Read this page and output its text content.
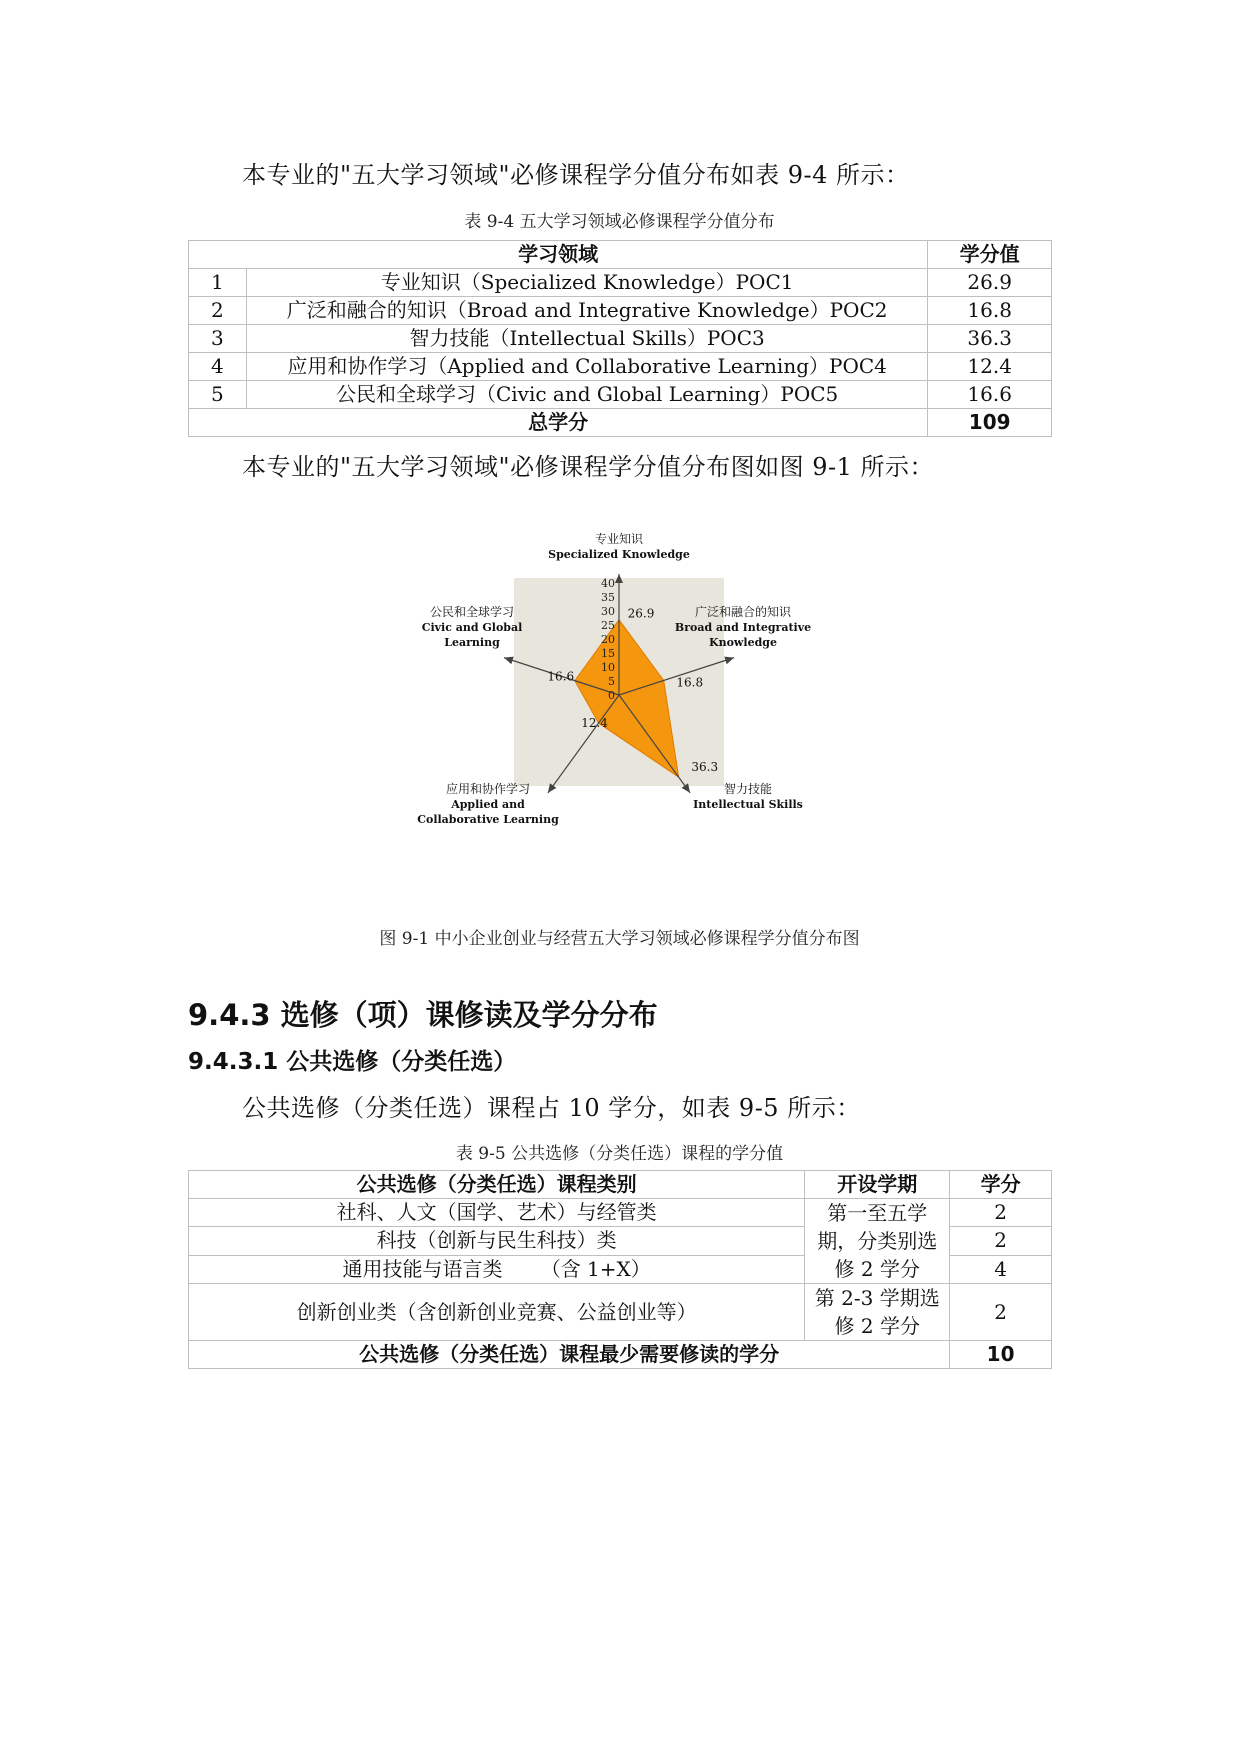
本专业的"五大学习领域"必修课程学分值分布如表 9-4 所示：
表 9-4 五大学习领域必修课程学分值分布
学习领域		学分值
1	专业知识（Specialized Knowledge）POC1	26.9
2	广泛和融合的知识（Broad and Integrative Knowledge）POC2	16.8
3	智力技能（Intellectual Skills）POC3	36.3
4	应用和协作学习（Applied and Collaborative Learning）POC4	12.4
5	公民和全球学习（Civic and Global Learning）POC5	16.6
总学分		109
本专业的"五大学习领域"必修课程学分值分布图如图 9-1 所示：
0
5
10
15
20
25
30
35
40
26.9
16.8
36.3
12.4
16.6
专业知识
Specialized Knowledge
广泛和融合的知识
Broad and Integrative
Knowledge
智力技能
Intellectual Skills
应用和协作学习
Applied and
Collaborative Learning
公民和全球学习
Civic and Global
Learning
图 9-1 中小企业创业与经营五大学习领域必修课程学分值分布图
9.4.3 选修（项）课修读及学分分布
9.4.3.1 公共选修（分类任选）
公共选修（分类任选）课程占 10 学分，如表 9-5 所示：
表 9-5 公共选修（分类任选）课程的学分值
公共选修（分类任选）课程类别	开设学期	学分
社科、人文（国学、艺术）与经管类	第一至五学期，分类别选修 2 学分	2
科技（创新与民生科技）类		2
通用技能与语言类      （含 1+X）		4
创新创业类（含创新创业竞赛、公益创业等）	第 2-3 学期选修 2 学分	2
公共选修（分类任选）课程最少需要修读的学分		10
